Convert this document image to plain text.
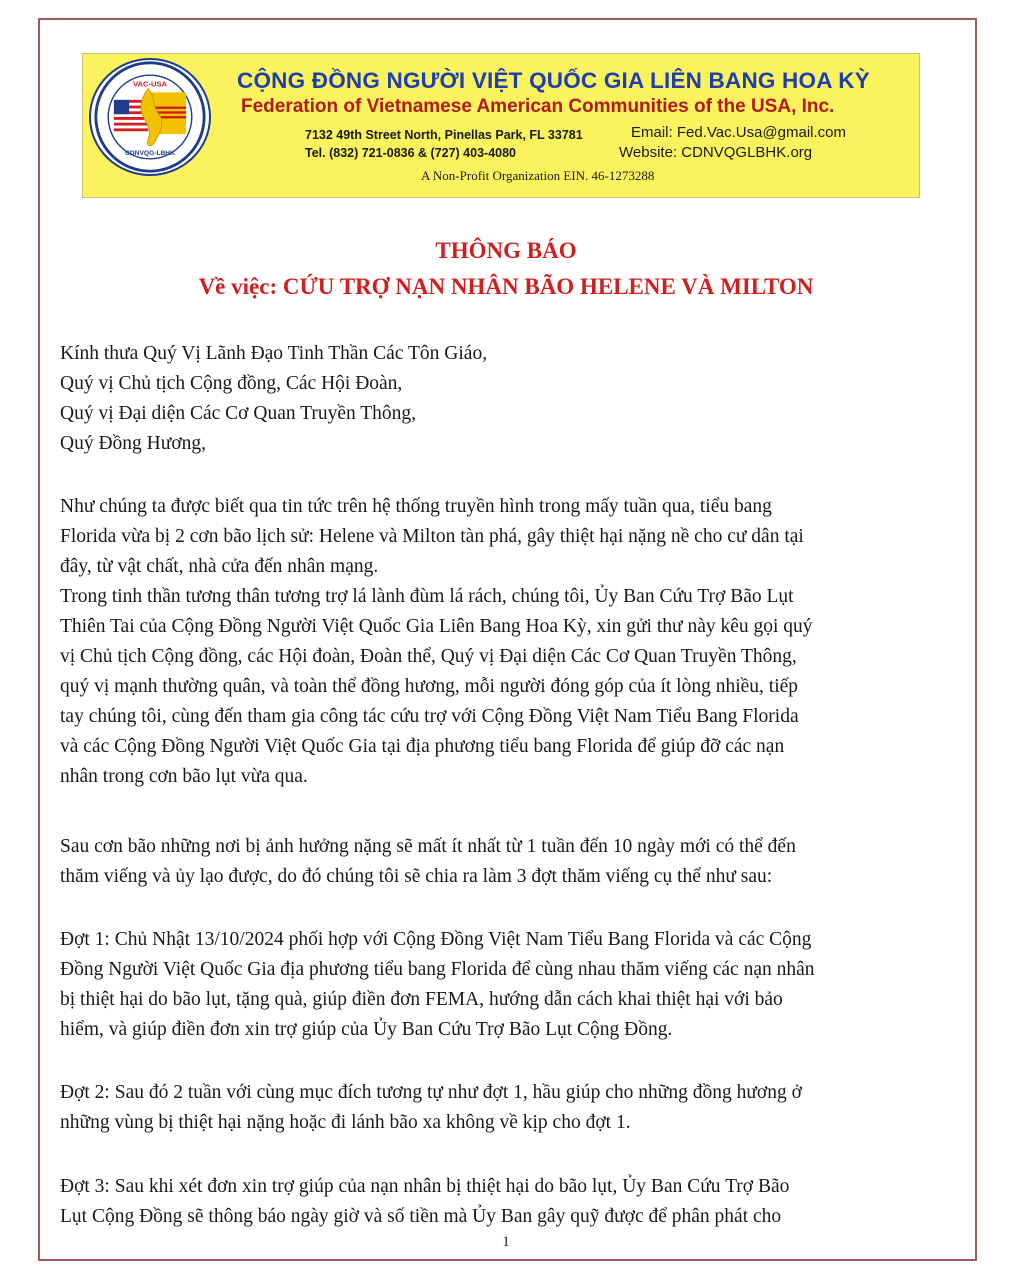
VAC-USA
CDNVQG-LBHK
CỘNG ĐỒNG NGƯỜI VIỆT QUỐC GIA LIÊN BANG HOA KỲ
Federation of Vietnamese American Communities of the USA, Inc.
7132 49th Street North, Pinellas Park, FL 33781
Tel. (832) 721-0836 & (727) 403-4080
Email: Fed.Vac.Usa@gmail.com
Website: CDNVQGLBHK.org
A Non-Profit Organization EIN. 46-1273288
THÔNG BÁO
Về việc: CỨU TRỢ NẠN NHÂN BÃO HELENE VÀ MILTON
Kính thưa Quý Vị Lãnh Đạo Tinh Thần Các Tôn Giáo,
Quý vị Chủ tịch Cộng đồng, Các Hội Đoàn,
Quý vị Đại diện Các Cơ Quan Truyền Thông,
Quý Đồng Hương,
Như chúng ta được biết qua tin tức trên hệ thống truyền hình trong mấy tuần qua, tiểu bang
Florida vừa bị 2 cơn bão lịch sử: Helene và Milton tàn phá, gây thiệt hại nặng nề cho cư dân tại
đây, từ vật chất, nhà cửa đến nhân mạng.
Trong tinh thần tương thân tương trợ lá lành đùm lá rách, chúng tôi, Ủy Ban Cứu Trợ Bão Lụt
Thiên Tai của Cộng Đồng Người Việt Quốc Gia Liên Bang Hoa Kỳ, xin gửi thư này kêu gọi quý
vị Chủ tịch Cộng đồng, các Hội đoàn, Đoàn thể, Quý vị Đại diện Các Cơ Quan Truyền Thông,
quý vị mạnh thường quân, và toàn thể đồng hương, mỗi người đóng góp của ít lòng nhiều, tiếp
tay chúng tôi, cùng đến tham gia công tác cứu trợ với Cộng Đồng Việt Nam Tiểu Bang Florida
và các Cộng Đồng Người Việt Quốc Gia tại địa phương tiểu bang Florida để giúp đỡ các nạn
nhân trong cơn bão lụt vừa qua.
Sau cơn bão những nơi bị ảnh hưởng nặng sẽ mất ít nhất từ 1 tuần đến 10 ngày mới có thể đến
thăm viếng và ủy lạo được, do đó chúng tôi sẽ chia ra làm 3 đợt thăm viếng cụ thể như sau:
Đợt 1: Chủ Nhật 13/10/2024 phối hợp với Cộng Đồng Việt Nam Tiểu Bang Florida và các Cộng
Đồng Người Việt Quốc Gia địa phương tiểu bang Florida để cùng nhau thăm viếng các nạn nhân
bị thiệt hại do bão lụt, tặng quà, giúp điền đơn FEMA, hướng dẫn cách khai thiệt hại với bảo
hiểm, và giúp điền đơn xin trợ giúp của Ủy Ban Cứu Trợ Bão Lụt Cộng Đồng.
Đợt 2: Sau đó 2 tuần với cùng mục đích tương tự như đợt 1, hầu giúp cho những đồng hương ở
những vùng bị thiệt hại nặng hoặc đi lánh bão xa không về kịp cho đợt 1.
Đợt 3: Sau khi xét đơn xin trợ giúp của nạn nhân bị thiệt hại do bão lụt, Ủy Ban Cứu Trợ Bão
Lụt Cộng Đồng sẽ thông báo ngày giờ và số tiền mà Ủy Ban gây quỹ được để phân phát cho
1
